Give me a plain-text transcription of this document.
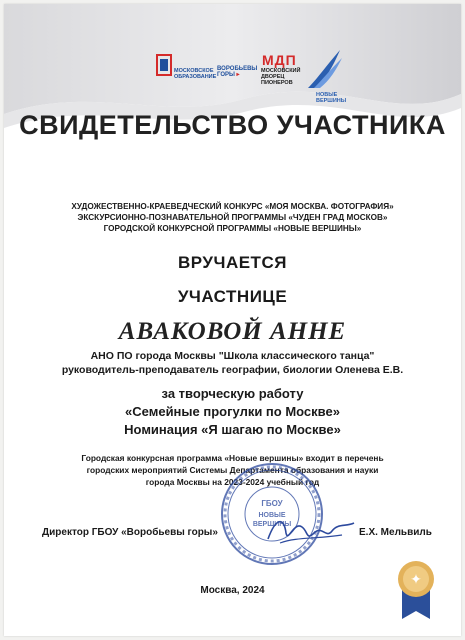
МОСКОВСКОЕ ОБРАЗОВАНИЕ
ВОРОБЬЕВЫ
ГОРЫ ▸
МДП
МОСКОВСКИЙ ДВОРЕЦ ПИОНЕРОВ
НОВЫЕ ВЕРШИНЫ
СВИДЕТЕЛЬСТВО УЧАСТНИКА
ХУДОЖЕСТВЕННО-КРАЕВЕДЧЕСКИЙ КОНКУРС «МОЯ МОСКВА. ФОТОГРАФИЯ»
ЭКСКУРСИОННО-ПОЗНАВАТЕЛЬНОЙ ПРОГРАММЫ «ЧУДЕН ГРАД МОСКОВ»
ГОРОДСКОЙ КОНКУРСНОЙ ПРОГРАММЫ «НОВЫЕ ВЕРШИНЫ»
ВРУЧАЕТСЯ
УЧАСТНИЦЕ
АВАКОВОЙ АННЕ
АНО ПО города Москвы "Школа классического танца"
руководитель-преподаватель географии, биологии Оленева Е.В.
за творческую работу
«Семейные прогулки по Москве»
Номинация «Я шагаю по Москве»
Городская конкурсная программа «Новые вершины» входит в перечень
городских мероприятий Системы Департамента образования и науки
города Москвы на 2023-2024 учебный год
ГБОУ
НОВЫЕ
ВЕРШИНЫ
Директор ГБОУ «Воробьевы горы»	Е.Х. Мельвиль
Москва, 2024
✦
